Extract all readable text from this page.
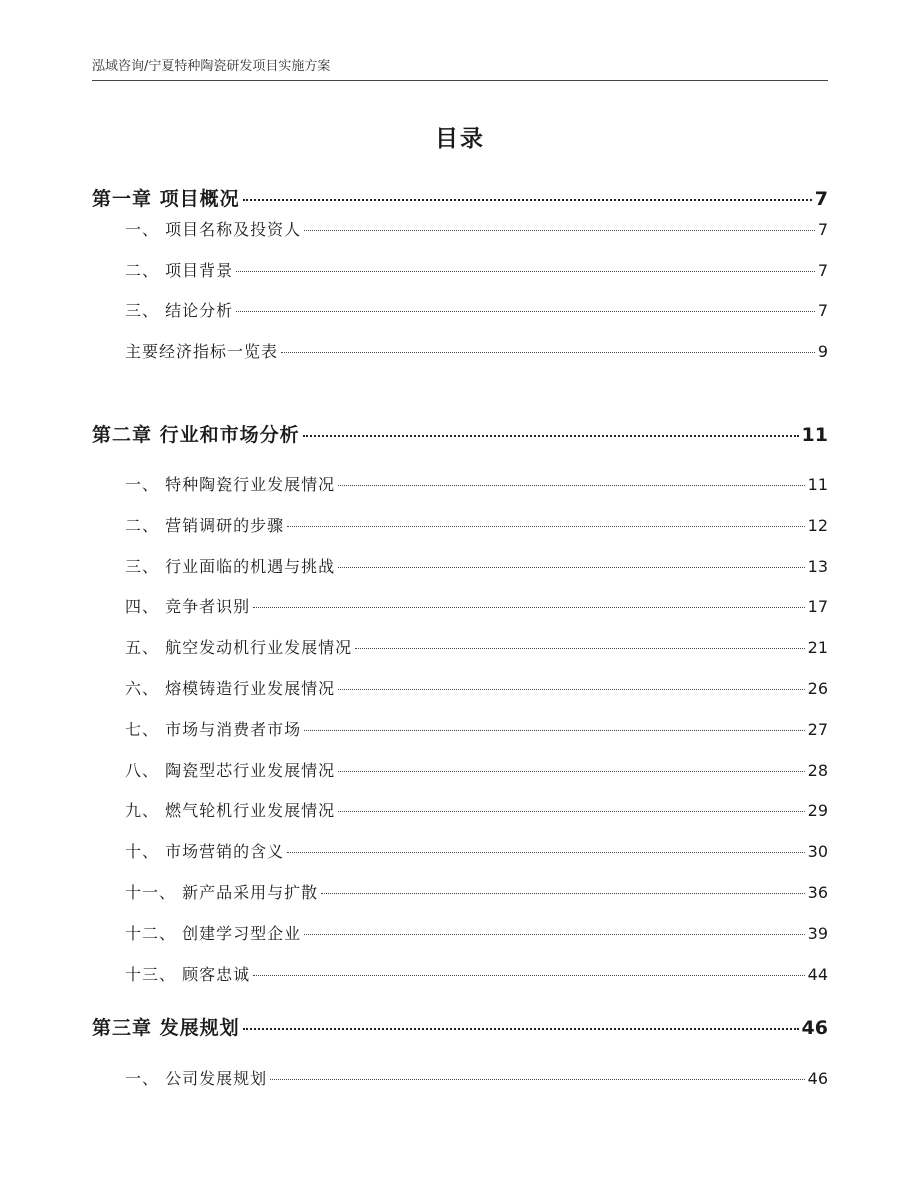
泓域咨询/宁夏特种陶瓷研发项目实施方案
目录
第一章 项目概况	7
一、 项目名称及投资人	7
二、 项目背景	7
三、 结论分析	7
主要经济指标一览表	9
第二章 行业和市场分析	11
一、 特种陶瓷行业发展情况	11
二、 营销调研的步骤	12
三、 行业面临的机遇与挑战	13
四、 竞争者识别	17
五、 航空发动机行业发展情况	21
六、 熔模铸造行业发展情况	26
七、 市场与消费者市场	27
八、 陶瓷型芯行业发展情况	28
九、 燃气轮机行业发展情况	29
十、 市场营销的含义	30
十一、 新产品采用与扩散	36
十二、 创建学习型企业	39
十三、 顾客忠诚	44
第三章 发展规划	46
一、 公司发展规划	46
